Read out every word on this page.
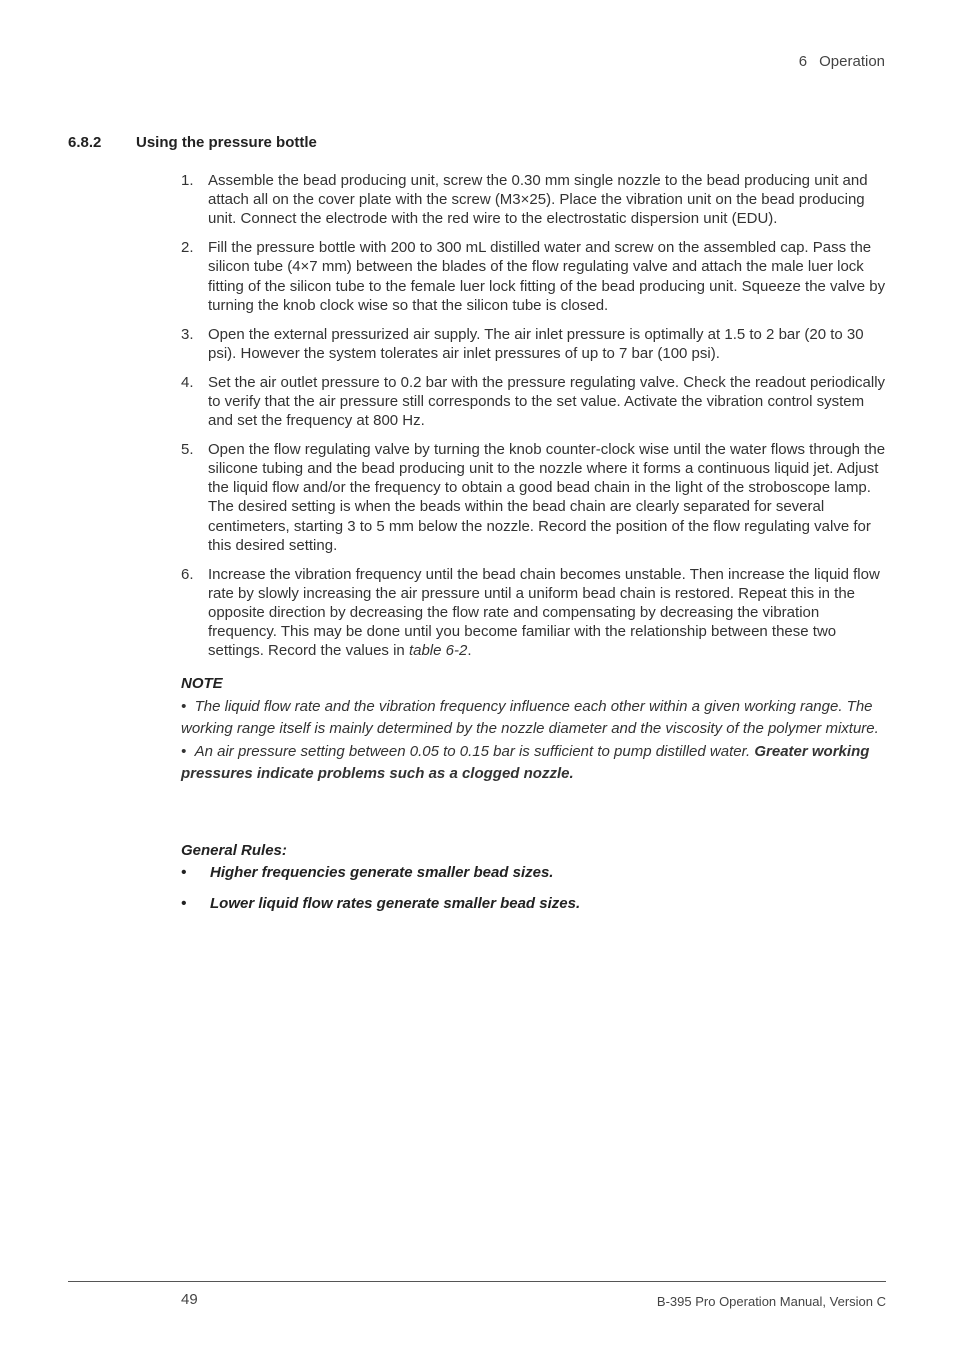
6 Operation
6.8.2 Using the pressure bottle
1. Assemble the bead producing unit, screw the 0.30 mm single nozzle to the bead producing unit and attach all on the cover plate with the screw (M3×25). Place the vibration unit on the bead producing unit. Connect the electrode with the red wire to the electrostatic dispersion unit (EDU).
2. Fill the pressure bottle with 200 to 300 mL distilled water and screw on the assembled cap. Pass the silicon tube (4×7 mm) between the blades of the flow regulating valve and attach the male luer lock fitting of the silicon tube to the female luer lock fitting of the bead producing unit. Squeeze the valve by turning the knob clock wise so that the silicon tube is closed.
3. Open the external pressurized air supply. The air inlet pressure is optimally at 1.5 to 2 bar (20 to 30 psi). However the system tolerates air inlet pressures of up to 7 bar (100 psi).
4. Set the air outlet pressure to 0.2 bar with the pressure regulating valve. Check the readout periodically to verify that the air pressure still corresponds to the set value. Activate the vibration control system and set the frequency at 800 Hz.
5. Open the flow regulating valve by turning the knob counter-clock wise until the water flows through the silicone tubing and the bead producing unit to the nozzle where it forms a continuous liquid jet. Adjust the liquid flow and/or the frequency to obtain a good bead chain in the light of the stroboscope lamp. The desired setting is when the beads within the bead chain are clearly separated for several centimeters, starting 3 to 5 mm below the nozzle. Record the position of the flow regulating valve for this desired setting.
6. Increase the vibration frequency until the bead chain becomes unstable. Then increase the liquid flow rate by slowly increasing the air pressure until a uniform bead chain is restored. Repeat this in the opposite direction by decreasing the flow rate and compensating by decreasing the vibration frequency. This may be done until you become familiar with the relationship between these two settings. Record the values in table 6-2.
NOTE
• The liquid flow rate and the vibration frequency influence each other within a given working range. The working range itself is mainly determined by the nozzle diameter and the viscosity of the polymer mixture.
• An air pressure setting between 0.05 to 0.15 bar is sufficient to pump distilled water. Greater working pressures indicate problems such as a clogged nozzle.
General Rules:
•	Higher frequencies generate smaller bead sizes.
•	Lower liquid flow rates generate smaller bead sizes.
49	B-395 Pro Operation Manual, Version C
